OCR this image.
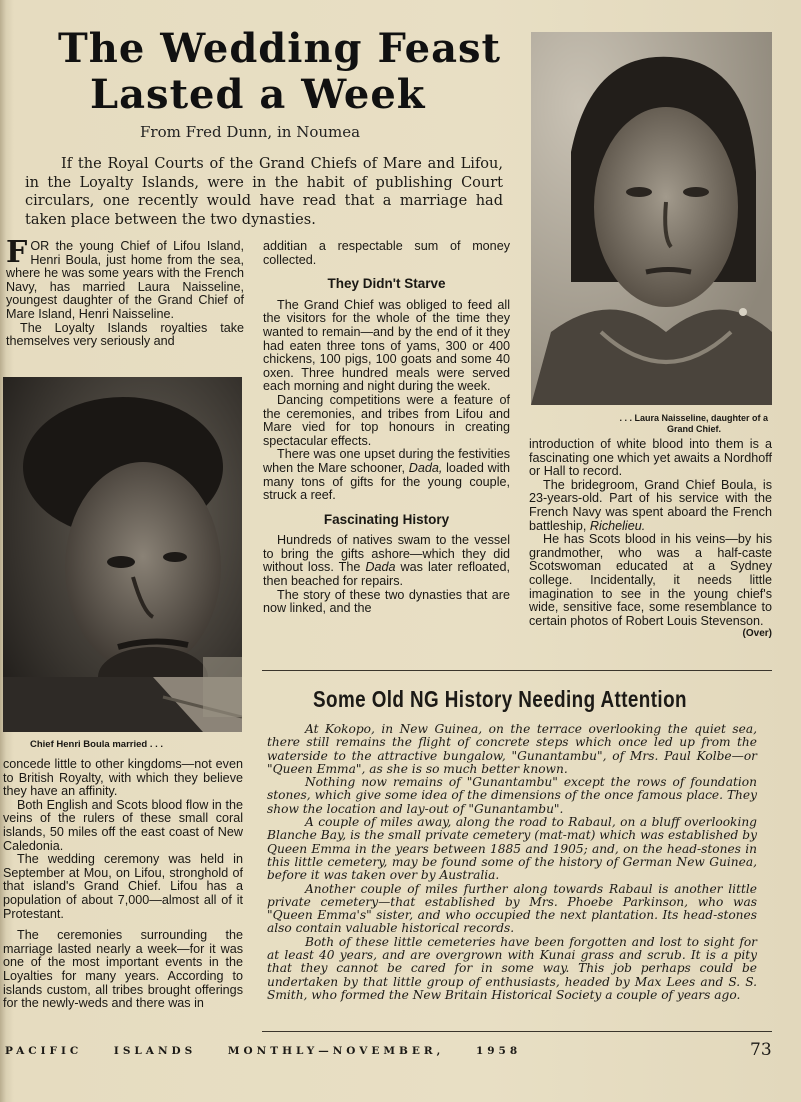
The Wedding Feast
Lasted a Week
From Fred Dunn, in Noumea
If the Royal Courts of the Grand Chiefs of Mare and Lifou, in the Loyalty Islands, were in the habit of publishing Court circulars, one recently would have read that a marriage had taken place between the two dynasties.

FOR the young Chief of Lifou Island, Henri Boula, just home from the sea, where he was some years with the French Navy, has married Laura Naisseline, youngest daughter of the Grand Chief of Mare Island, Henri Naisseline.

The Loyalty Islands royalties take themselves very seriously and

Chief Henri Boula married . . .

concede little to other kingdoms—not even to British Royalty, with which they believe they have an affinity.

Both English and Scots blood flow in the veins of the rulers of these small coral islands, 50 miles off the east coast of New Caledonia.

The wedding ceremony was held in September at Mou, on Lifou, stronghold of that island's Grand Chief. Lifou has a population of about 7,000—almost all of it Protestant.

The ceremonies surrounding the marriage lasted nearly a week—for it was one of the most important events in the Loyalties for many years. According to islands custom, all tribes brought offerings for the newly-weds and there was in

additian a respectable sum of money collected.

They Didn't Starve

The Grand Chief was obliged to feed all the visitors for the whole of the time they wanted to remain—and by the end of it they had eaten three tons of yams, 300 or 400 chickens, 100 pigs, 100 goats and some 40 oxen. Three hundred meals were served each morning and night during the week.

Dancing competitions were a feature of the ceremonies, and tribes from Lifou and Mare vied for top honours in creating spectacular effects.

There was one upset during the festivities when the Mare schooner, Dada, loaded with many tons of gifts for the young couple, struck a reef.

Fascinating History

Hundreds of natives swam to the vessel to bring the gifts ashore—which they did without loss. The Dada was later refloated, then beached for repairs.

The story of these two dynasties that are now linked, and the

. . . Laura Naisseline, daughter of a
Grand Chief.

introduction of white blood into them is a fascinating one which yet awaits a Nordhoff or Hall to record.

The bridegroom, Grand Chief Boula, is 23-years-old. Part of his service with the French Navy was spent aboard the French battleship, Richelieu.

He has Scots blood in his veins—by his grandmother, who was a half-caste Scotswoman educated at a Sydney college. Incidentally, it needs little imagination to see in the young chief's wide, sensitive face, some resemblance to certain photos of Robert Louis Stevenson.

(Over)
Some Old NG History Needing Attention

At Kokopo, in New Guinea, on the terrace overlooking the quiet sea, there still remains the flight of concrete steps which once led up from the waterside to the attractive bungalow, "Gunantambu", of Mrs. Paul Kolbe—or "Queen Emma", as she is so much better known.

Nothing now remains of "Gunantambu" except the rows of foundation stones, which give some idea of the dimensions of the once famous place. They show the location and lay-out of "Gunantambu".

A couple of miles away, along the road to Rabaul, on a bluff overlooking Blanche Bay, is the small private cemetery (mat-mat) which was established by Queen Emma in the years between 1885 and 1905; and, on the head-stones in this little cemetery, may be found some of the history of German New Guinea, before it was taken over by Australia.

Another couple of miles further along towards Rabaul is another little private cemetery—that established by Mrs. Phoebe Parkinson, who was "Queen Emma's" sister, and who occupied the next plantation. Its head-stones also contain valuable historical records.

Both of these little cemeteries have been forgotten and lost to sight for at least 40 years, and are overgrown with Kunai grass and scrub. It is a pity that they cannot be cared for in some way. This job perhaps could be undertaken by that little group of enthusiasts, headed by Max Lees and S. S. Smith, who formed the New Britain Historical Society a couple of years ago.

PACIFIC ISLANDS MONTHLY—NOVEMBER, 1958	73
